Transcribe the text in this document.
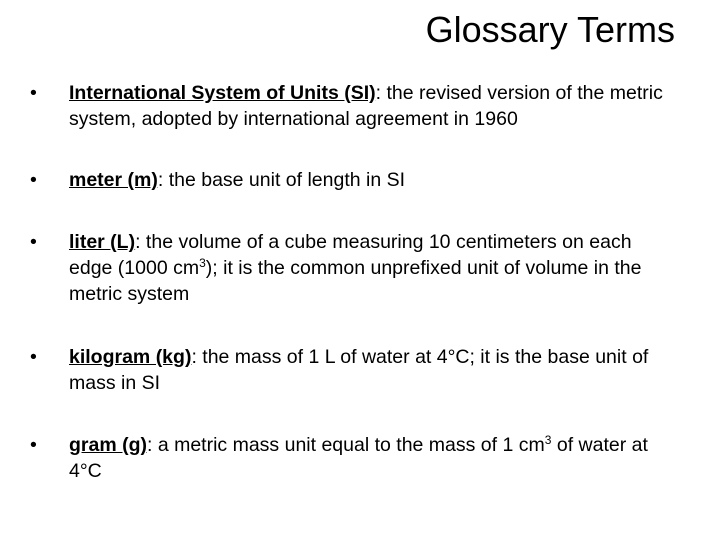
Glossary Terms
•	International System of Units (SI): the revised version of the metric system, adopted by international agreement in 1960
•	meter (m): the base unit of length in SI
•	liter (L): the volume of a cube measuring 10 centimeters on each edge (1000 $cm^3$); it is the common unprefixed unit of volume in the metric system
•	kilogram (kg): the mass of 1 L of water at 4°C; it is the base unit of mass in SI
•	gram (g): a metric mass unit equal to the mass of 1 $cm^3$ of water at 4°C
